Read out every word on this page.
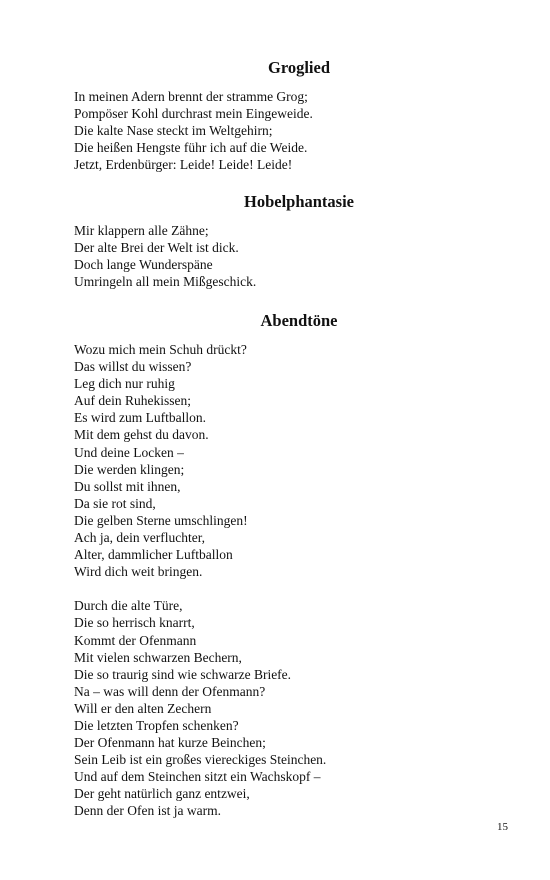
Groglied
In meinen Adern brennt der stramme Grog;
Pompöser Kohl durchrast mein Eingeweide.
Die kalte Nase steckt im Weltgehirn;
Die heißen Hengste führ ich auf die Weide.
Jetzt, Erdenbürger: Leide! Leide! Leide!
Hobelphantasie
Mir klappern alle Zähne;
Der alte Brei der Welt ist dick.
Doch lange Wunderspäne
Umringeln all mein Mißgeschick.
Abendtöne
Wozu mich mein Schuh drückt?
Das willst du wissen?
Leg dich nur ruhig
Auf dein Ruhekissen;
Es wird zum Luftballon.
Mit dem gehst du davon.
Und deine Locken –
Die werden klingen;
Du sollst mit ihnen,
Da sie rot sind,
Die gelben Sterne umschlingen!
Ach ja, dein verfluchter,
Alter, dammlicher Luftballon
Wird dich weit bringen.
Durch die alte Türe,
Die so herrisch knarrt,
Kommt der Ofenmann
Mit vielen schwarzen Bechern,
Die so traurig sind wie schwarze Briefe.
Na – was will denn der Ofenmann?
Will er den alten Zechern
Die letzten Tropfen schenken?
Der Ofenmann hat kurze Beinchen;
Sein Leib ist ein großes viereckiges Steinchen.
Und auf dem Steinchen sitzt ein Wachskopf –
Der geht natürlich ganz entzwei,
Denn der Ofen ist ja warm.
15
